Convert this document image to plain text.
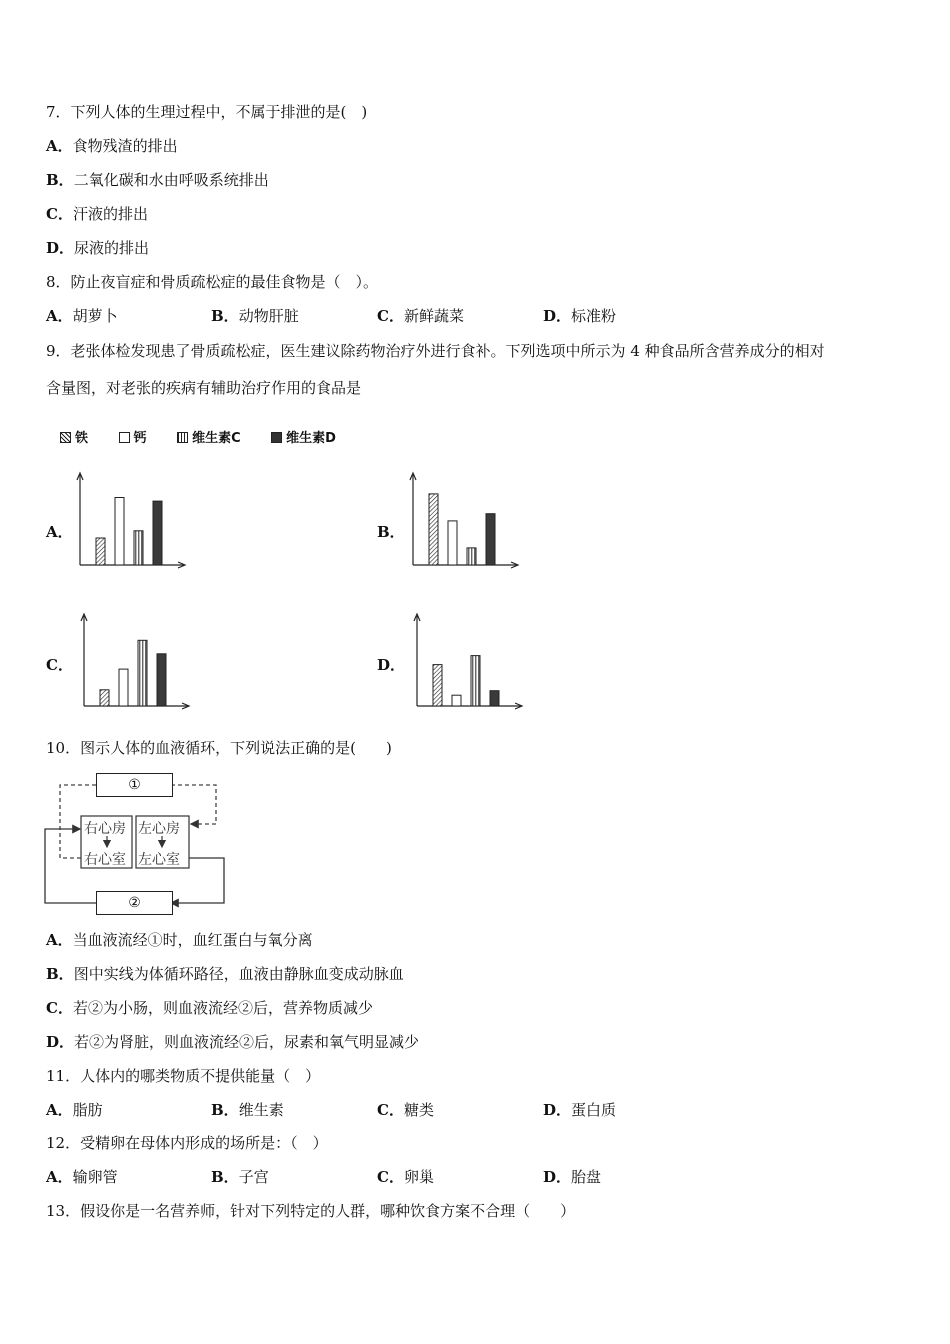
7．下列人体的生理过程中，不属于排泄的是(　)
A．食物残渣的排出
B．二氧化碳和水由呼吸系统排出
C．汗液的排出
D．尿液的排出
8．防止夜盲症和骨质疏松症的最佳食物是（　）。
A．胡萝卜	B．动物肝脏	C．新鲜蔬菜	D．标准粉
9．老张体检发现患了骨质疏松症，医生建议除药物治疗外进行食补。下列选项中所示为 4 种食品所含营养成分的相对
含量图，对老张的疾病有辅助治疗作用的食品是
铁	钙	维生素C	维生素D
A．	B．
C．	D．
10．图示人体的血液循环，下列说法正确的是(　　)
①
②
右心房
右心室
左心房
左心室
A．当血液流经①时，血红蛋白与氧分离
B．图中实线为体循环路径，血液由静脉血变成动脉血
C．若②为小肠，则血液流经②后，营养物质减少
D．若②为肾脏，则血液流经②后，尿素和氧气明显减少
11．人体内的哪类物质不提供能量（　）
A．脂肪	B．维生素	C．糖类	D．蛋白质
12．受精卵在母体内形成的场所是：（　）
A．输卵管	B．子宫	C．卵巢	D．胎盘
13．假设你是一名营养师，针对下列特定的人群，哪种饮食方案不合理（　　）
